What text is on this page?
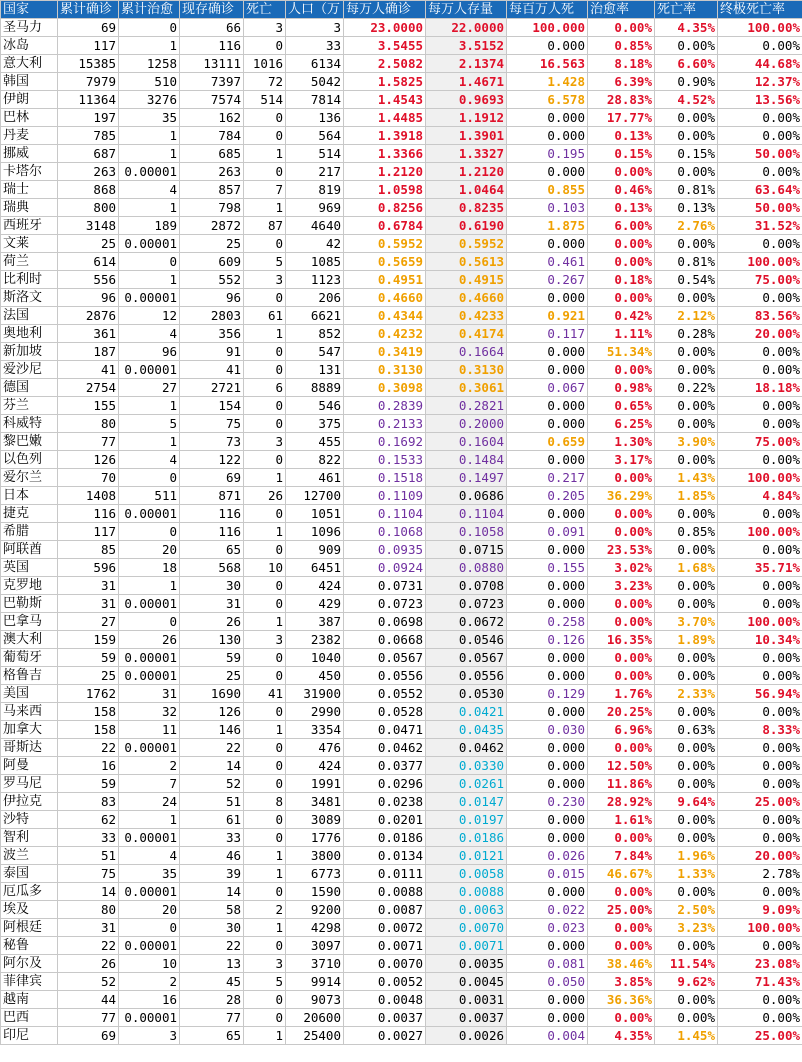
国家	累计确诊	累计治愈	现存确诊	死亡	人口（万	每万人确诊	每万人存量	每百万人死	治愈率	死亡率	终极死亡率
圣马力	69	0	66	3	3	23.0000	22.0000	100.000	0.00%	4.35%	100.00%
冰岛	117	1	116	0	33	3.5455	3.5152	0.000	0.85%	0.00%	0.00%
意大利	15385	1258	13111	1016	6134	2.5082	2.1374	16.563	8.18%	6.60%	44.68%
韩国	7979	510	7397	72	5042	1.5825	1.4671	1.428	6.39%	0.90%	12.37%
伊朗	11364	3276	7574	514	7814	1.4543	0.9693	6.578	28.83%	4.52%	13.56%
巴林	197	35	162	0	136	1.4485	1.1912	0.000	17.77%	0.00%	0.00%
丹麦	785	1	784	0	564	1.3918	1.3901	0.000	0.13%	0.00%	0.00%
挪威	687	1	685	1	514	1.3366	1.3327	0.195	0.15%	0.15%	50.00%
卡塔尔	263	0.00001	263	0	217	1.2120	1.2120	0.000	0.00%	0.00%	0.00%
瑞士	868	4	857	7	819	1.0598	1.0464	0.855	0.46%	0.81%	63.64%
瑞典	800	1	798	1	969	0.8256	0.8235	0.103	0.13%	0.13%	50.00%
西班牙	3148	189	2872	87	4640	0.6784	0.6190	1.875	6.00%	2.76%	31.52%
文莱	25	0.00001	25	0	42	0.5952	0.5952	0.000	0.00%	0.00%	0.00%
荷兰	614	0	609	5	1085	0.5659	0.5613	0.461	0.00%	0.81%	100.00%
比利时	556	1	552	3	1123	0.4951	0.4915	0.267	0.18%	0.54%	75.00%
斯洛文	96	0.00001	96	0	206	0.4660	0.4660	0.000	0.00%	0.00%	0.00%
法国	2876	12	2803	61	6621	0.4344	0.4233	0.921	0.42%	2.12%	83.56%
奥地利	361	4	356	1	852	0.4232	0.4174	0.117	1.11%	0.28%	20.00%
新加坡	187	96	91	0	547	0.3419	0.1664	0.000	51.34%	0.00%	0.00%
爱沙尼	41	0.00001	41	0	131	0.3130	0.3130	0.000	0.00%	0.00%	0.00%
德国	2754	27	2721	6	8889	0.3098	0.3061	0.067	0.98%	0.22%	18.18%
芬兰	155	1	154	0	546	0.2839	0.2821	0.000	0.65%	0.00%	0.00%
科威特	80	5	75	0	375	0.2133	0.2000	0.000	6.25%	0.00%	0.00%
黎巴嫩	77	1	73	3	455	0.1692	0.1604	0.659	1.30%	3.90%	75.00%
以色列	126	4	122	0	822	0.1533	0.1484	0.000	3.17%	0.00%	0.00%
爱尔兰	70	0	69	1	461	0.1518	0.1497	0.217	0.00%	1.43%	100.00%
日本	1408	511	871	26	12700	0.1109	0.0686	0.205	36.29%	1.85%	4.84%
捷克	116	0.00001	116	0	1051	0.1104	0.1104	0.000	0.00%	0.00%	0.00%
希腊	117	0	116	1	1096	0.1068	0.1058	0.091	0.00%	0.85%	100.00%
阿联酋	85	20	65	0	909	0.0935	0.0715	0.000	23.53%	0.00%	0.00%
英国	596	18	568	10	6451	0.0924	0.0880	0.155	3.02%	1.68%	35.71%
克罗地	31	1	30	0	424	0.0731	0.0708	0.000	3.23%	0.00%	0.00%
巴勒斯	31	0.00001	31	0	429	0.0723	0.0723	0.000	0.00%	0.00%	0.00%
巴拿马	27	0	26	1	387	0.0698	0.0672	0.258	0.00%	3.70%	100.00%
澳大利	159	26	130	3	2382	0.0668	0.0546	0.126	16.35%	1.89%	10.34%
葡萄牙	59	0.00001	59	0	1040	0.0567	0.0567	0.000	0.00%	0.00%	0.00%
格鲁吉	25	0.00001	25	0	450	0.0556	0.0556	0.000	0.00%	0.00%	0.00%
美国	1762	31	1690	41	31900	0.0552	0.0530	0.129	1.76%	2.33%	56.94%
马来西	158	32	126	0	2990	0.0528	0.0421	0.000	20.25%	0.00%	0.00%
加拿大	158	11	146	1	3354	0.0471	0.0435	0.030	6.96%	0.63%	8.33%
哥斯达	22	0.00001	22	0	476	0.0462	0.0462	0.000	0.00%	0.00%	0.00%
阿曼	16	2	14	0	424	0.0377	0.0330	0.000	12.50%	0.00%	0.00%
罗马尼	59	7	52	0	1991	0.0296	0.0261	0.000	11.86%	0.00%	0.00%
伊拉克	83	24	51	8	3481	0.0238	0.0147	0.230	28.92%	9.64%	25.00%
沙特	62	1	61	0	3089	0.0201	0.0197	0.000	1.61%	0.00%	0.00%
智利	33	0.00001	33	0	1776	0.0186	0.0186	0.000	0.00%	0.00%	0.00%
波兰	51	4	46	1	3800	0.0134	0.0121	0.026	7.84%	1.96%	20.00%
泰国	75	35	39	1	6773	0.0111	0.0058	0.015	46.67%	1.33%	2.78%
厄瓜多	14	0.00001	14	0	1590	0.0088	0.0088	0.000	0.00%	0.00%	0.00%
埃及	80	20	58	2	9200	0.0087	0.0063	0.022	25.00%	2.50%	9.09%
阿根廷	31	0	30	1	4298	0.0072	0.0070	0.023	0.00%	3.23%	100.00%
秘鲁	22	0.00001	22	0	3097	0.0071	0.0071	0.000	0.00%	0.00%	0.00%
阿尔及	26	10	13	3	3710	0.0070	0.0035	0.081	38.46%	11.54%	23.08%
菲律宾	52	2	45	5	9914	0.0052	0.0045	0.050	3.85%	9.62%	71.43%
越南	44	16	28	0	9073	0.0048	0.0031	0.000	36.36%	0.00%	0.00%
巴西	77	0.00001	77	0	20600	0.0037	0.0037	0.000	0.00%	0.00%	0.00%
印尼	69	3	65	1	25400	0.0027	0.0026	0.004	4.35%	1.45%	25.00%
